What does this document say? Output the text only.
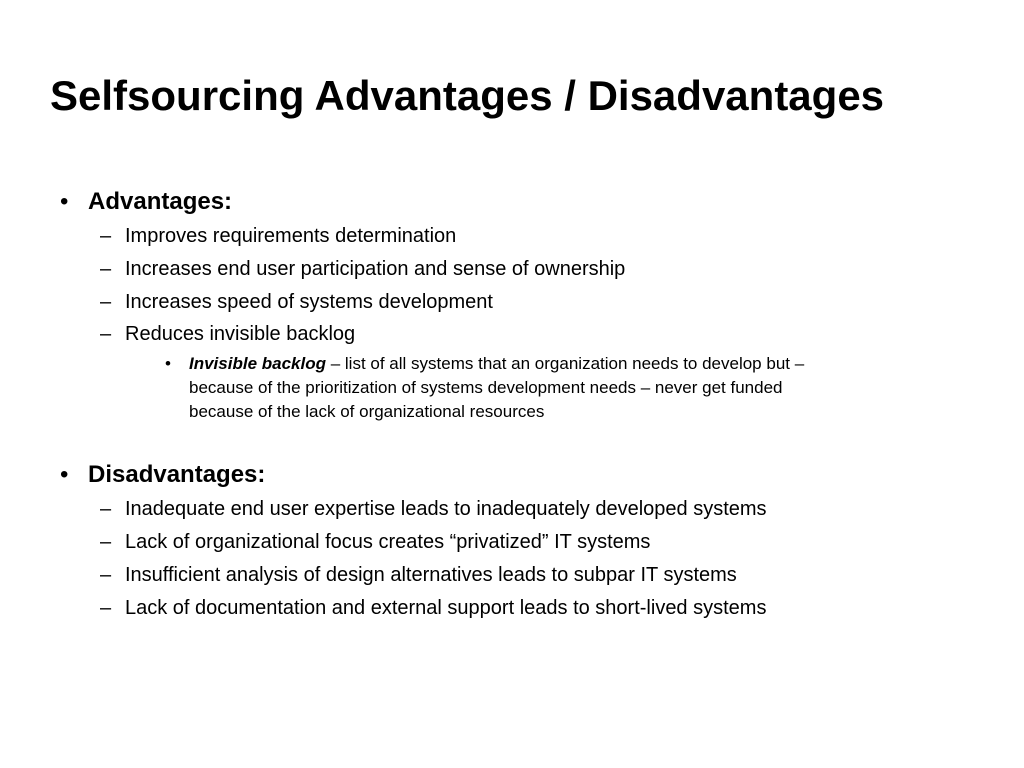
Selfsourcing Advantages / Disadvantages
• Advantages:
– Improves requirements determination
– Increases end user participation and sense of ownership
– Increases speed of systems development
– Reduces invisible backlog
• Invisible backlog – list of all systems that an organization needs to develop but –
because of the prioritization of systems development needs – never get funded
because of the lack of organizational resources
• Disadvantages:
– Inadequate end user expertise leads to inadequately developed systems
– Lack of organizational focus creates “privatized” IT systems
– Insufficient analysis of design alternatives leads to subpar IT systems
– Lack of documentation and external support leads to short-lived systems
